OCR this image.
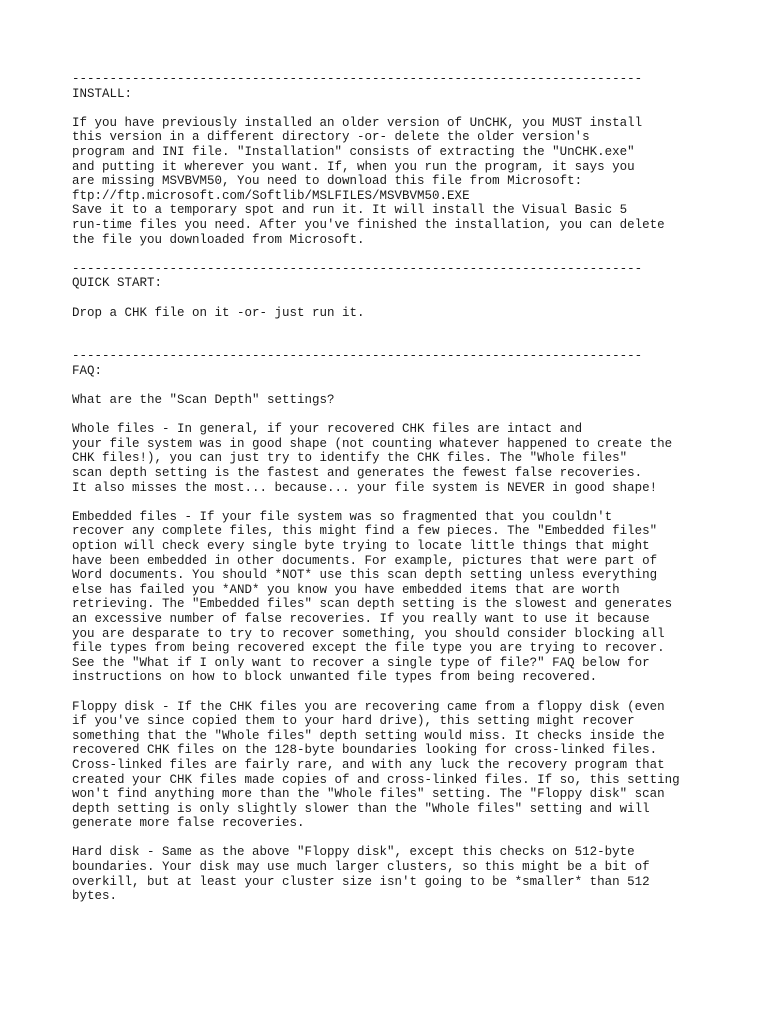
----------------------------------------------------------------------------

INSTALL:

If you have previously installed an older version of UnCHK, you MUST install
this version in a different directory -or- delete the older version's
program and INI file. "Installation" consists of extracting the "UnCHK.exe"
and putting it wherever you want. If, when you run the program, it says you
are missing MSVBVM50, You need to download this file from Microsoft:
ftp://ftp.microsoft.com/Softlib/MSLFILES/MSVBVM50.EXE
Save it to a temporary spot and run it. It will install the Visual Basic 5
run-time files you need. After you've finished the installation, you can delete
the file you downloaded from Microsoft.

----------------------------------------------------------------------------

QUICK START:

Drop a CHK file on it -or- just run it.

----------------------------------------------------------------------------

FAQ:

What are the "Scan Depth" settings?

Whole files - In general, if your recovered CHK files are intact and
your file system was in good shape (not counting whatever happened to create the
CHK files!), you can just try to identify the CHK files. The "Whole files"
scan depth setting is the fastest and generates the fewest false recoveries.
It also misses the most... because... your file system is NEVER in good shape!

Embedded files - If your file system was so fragmented that you couldn't
recover any complete files, this might find a few pieces. The "Embedded files"
option will check every single byte trying to locate little things that might
have been embedded in other documents. For example, pictures that were part of
Word documents. You should *NOT* use this scan depth setting unless everything
else has failed you *AND* you know you have embedded items that are worth
retrieving. The "Embedded files" scan depth setting is the slowest and generates
an excessive number of false recoveries. If you really want to use it because
you are desparate to try to recover something, you should consider blocking all
file types from being recovered except the file type you are trying to recover.
See the "What if I only want to recover a single type of file?" FAQ below for
instructions on how to block unwanted file types from being recovered.

Floppy disk - If the CHK files you are recovering came from a floppy disk (even
if you've since copied them to your hard drive), this setting might recover
something that the "Whole files" depth setting would miss. It checks inside the
recovered CHK files on the 128-byte boundaries looking for cross-linked files.
Cross-linked files are fairly rare, and with any luck the recovery program that
created your CHK files made copies of and cross-linked files. If so, this setting
won't find anything more than the "Whole files" setting. The "Floppy disk" scan
depth setting is only slightly slower than the "Whole files" setting and will
generate more false recoveries.

Hard disk - Same as the above "Floppy disk", except this checks on 512-byte
boundaries. Your disk may use much larger clusters, so this might be a bit of
overkill, but at least your cluster size isn't going to be *smaller* than 512
bytes.
